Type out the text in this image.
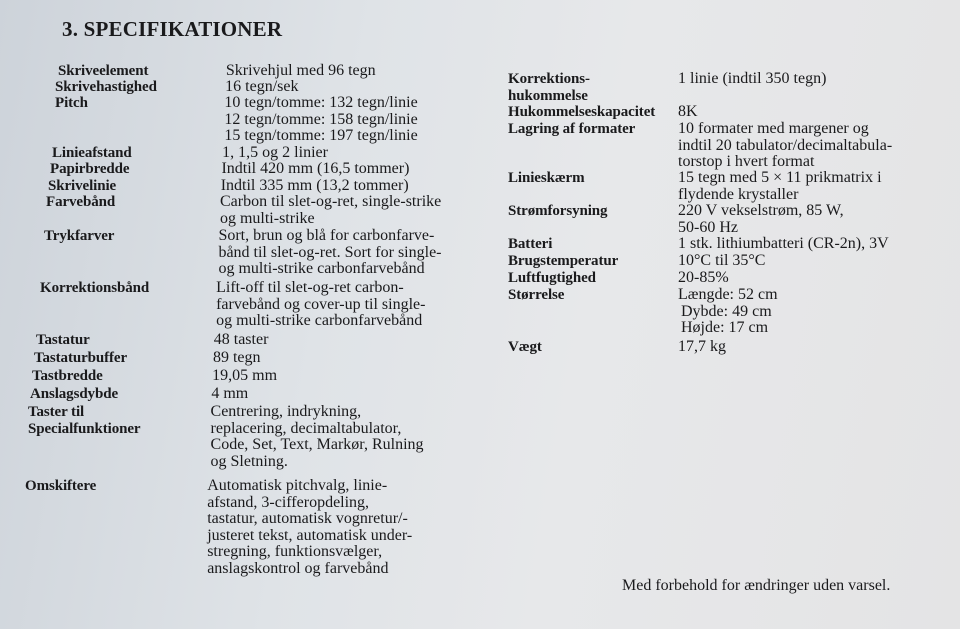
3. SPECIFIKATIONER
Skriveelement	Skrivehjul med 96 tegn
Skrivehastighed	16 tegn/sek
Pitch	10 tegn/tomme: 132 tegn/linie
12 tegn/tomme: 158 tegn/linie
15 tegn/tomme: 197 tegn/linie
Linieafstand	1, 1,5 og 2 linier
Papirbredde	Indtil 420 mm (16,5 tommer)
Skrivelinie	Indtil 335 mm (13,2 tommer)
Farvebånd	Carbon til slet-og-ret, single-strike
og multi-strike
Trykfarver	Sort, brun og blå for carbonfarve-
bånd til slet-og-ret. Sort for single-
og multi-strike carbonfarvebånd
Korrektionsbånd	Lift-off til slet-og-ret carbon-
farvebånd og cover-up til single-
og multi-strike carbonfarvebånd
Tastatur	48 taster
Tastaturbuffer	89 tegn
Tastbredde	19,05 mm
Anslagsdybde	4 mm
Taster til
Specialfunktioner
Centrering, indrykning,
replacering, decimaltabulator,
Code, Set, Text, Markør, Rulning
og Sletning.
Omskiftere	Automatisk pitchvalg, linie-
afstand, 3-cifferopdeling,
tastatur, automatisk vognretur/-
justeret tekst, automatisk under-
stregning, funktionsvælger,
anslagskontrol og farvebånd
Korrektions-
hukommelse
1 linie (indtil 350 tegn)
Hukommelseskapacitet 8K
Lagring af formater	10 formater med margener og
indtil 20 tabulator/decimaltabula-
torstop i hvert format
Linieskærm	15 tegn med 5 × 11 prikmatrix i
flydende krystaller
Strømforsyning	220 V vekselstrøm, 85 W,
50-60 Hz
Batteri	1 stk. lithiumbatteri (CR-2n), 3V
Brugstemperatur	10°C til 35°C
Luftfugtighed	20-85%
Størrelse	Længde: 52 cm
Dybde: 49 cm
Højde: 17 cm
Vægt	17,7 kg
Med forbehold for ændringer uden varsel.
